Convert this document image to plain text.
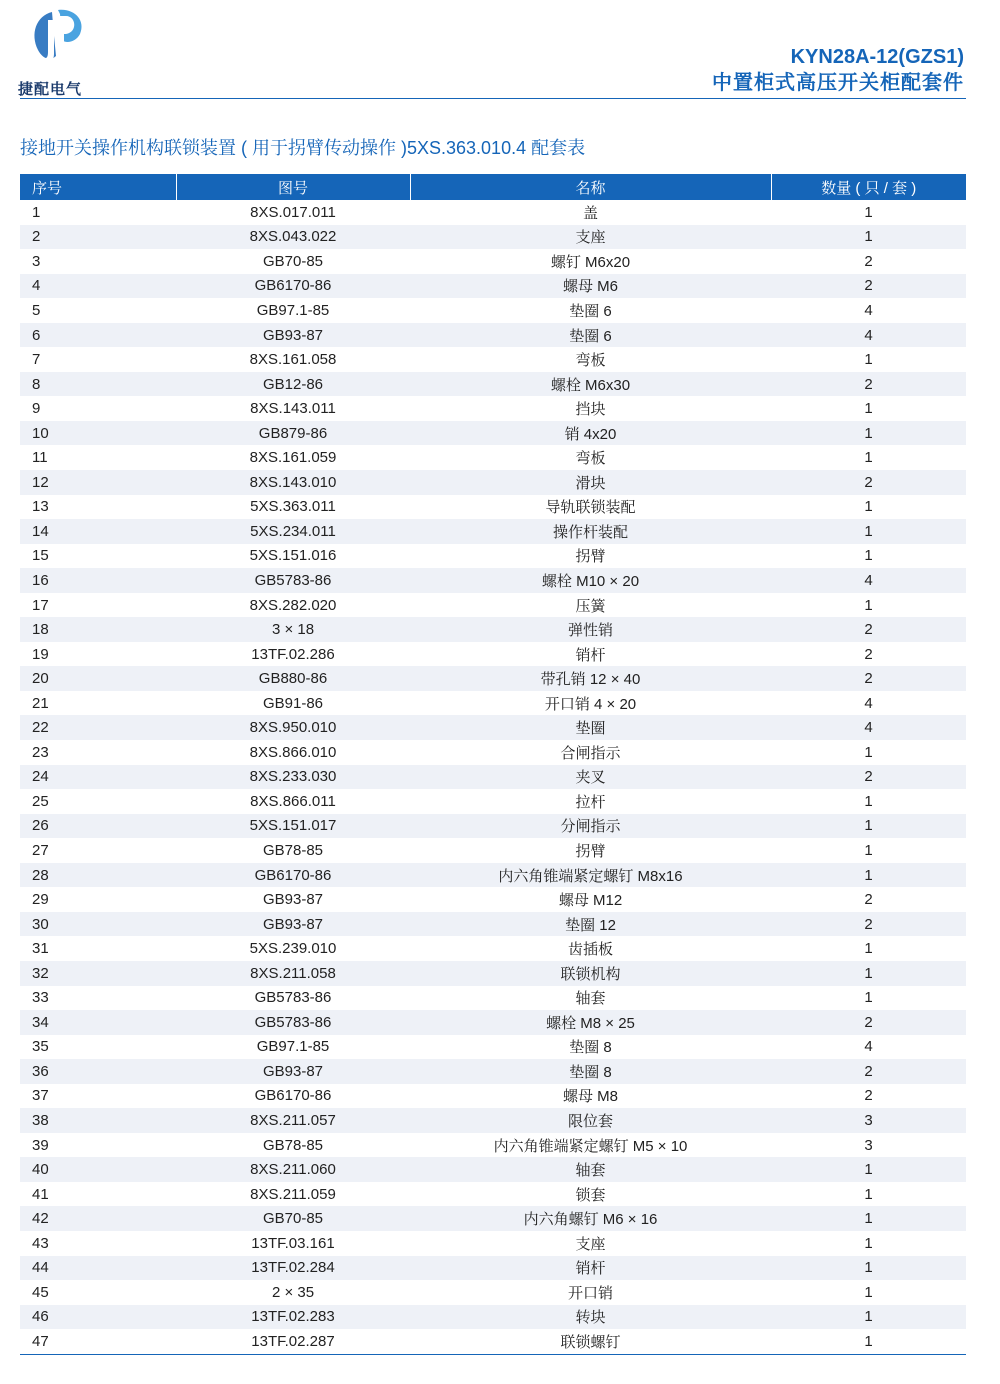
捷配电气
KYN28A-12(GZS1)
中置柜式高压开关柜配套件
接地开关操作机构联锁装置 ( 用于拐臂传动操作 )5XS.363.010.4 配套表
序号	图号	名称	数量 ( 只 / 套 )
1	8XS.017.011	盖	1
2	8XS.043.022	支座	1
3	GB70-85	螺钉 M6x20	2
4	GB6170-86	螺母 M6	2
5	GB97.1-85	垫圈 6	4
6	GB93-87	垫圈 6	4
7	8XS.161.058	弯板	1
8	GB12-86	螺栓 M6x30	2
9	8XS.143.011	挡块	1
10	GB879-86	销 4x20	1
11	8XS.161.059	弯板	1
12	8XS.143.010	滑块	2
13	5XS.363.011	导轨联锁装配	1
14	5XS.234.011	操作杆装配	1
15	5XS.151.016	拐臂	1
16	GB5783-86	螺栓 M10 × 20	4
17	8XS.282.020	压簧	1
18	3 × 18	弹性销	2
19	13TF.02.286	销杆	2
20	GB880-86	带孔销 12 × 40	2
21	GB91-86	开口销 4 × 20	4
22	8XS.950.010	垫圈	4
23	8XS.866.010	合闸指示	1
24	8XS.233.030	夹叉	2
25	8XS.866.011	拉杆	1
26	5XS.151.017	分闸指示	1
27	GB78-85	拐臂	1
28	GB6170-86	内六角锥端紧定螺钉 M8x16	1
29	GB93-87	螺母 M12	2
30	GB93-87	垫圈 12	2
31	5XS.239.010	齿插板	1
32	8XS.211.058	联锁机构	1
33	GB5783-86	轴套	1
34	GB5783-86	螺栓 M8 × 25	2
35	GB97.1-85	垫圈 8	4
36	GB93-87	垫圈 8	2
37	GB6170-86	螺母 M8	2
38	8XS.211.057	限位套	3
39	GB78-85	内六角锥端紧定螺钉 M5 × 10	3
40	8XS.211.060	轴套	1
41	8XS.211.059	锁套	1
42	GB70-85	内六角螺钉 M6 × 16	1
43	13TF.03.161	支座	1
44	13TF.02.284	销杆	1
45	2 × 35	开口销	1
46	13TF.02.283	转块	1
47	13TF.02.287	联锁螺钉	1
